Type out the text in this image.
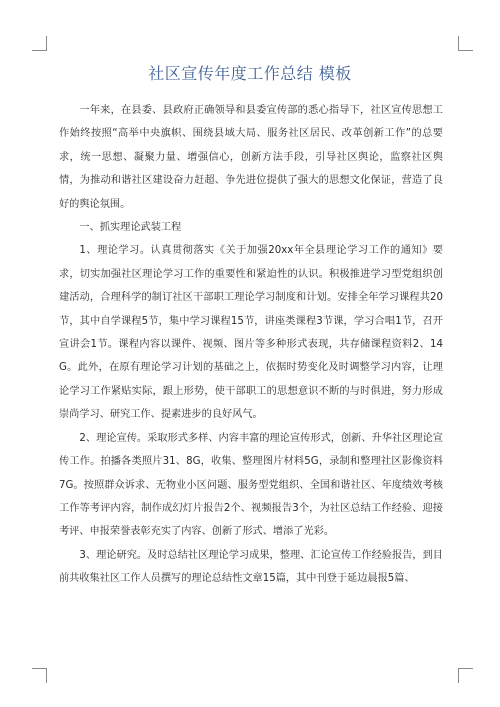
社区宣传年度工作总结 模板

一年来，在县委、县政府正确领导和县委宣传部的悉心指导下，社区宣传思想工作始终按照“高举中央旗帜、围绕县域大局、服务社区居民、改革创新工作”的总要求，统一思想、凝聚力量、增强信心，创新方法手段，引导社区舆论，监察社区舆情，为推动和谐社区建设奋力赶超、争先进位提供了强大的思想文化保证，营造了良好的舆论氛围。

一、抓实理论武装工程

1、理论学习。认真贯彻落实《关于加强20xx年全县理论学习工作的通知》要求，切实加强社区理论学习工作的重要性和紧迫性的认识。积极推进学习型党组织创建活动，合理科学的制订社区干部职工理论学习制度和计划。安排全年学习课程共20节，其中自学课程5节，集中学习课程15节，讲座类课程3节课，学习合唱1节，召开宣讲会1节。课程内容以课件、视频、图片等多种形式表现，共存储课程资料2、14G。此外，在原有理论学习计划的基础之上，依据时势变化及时调整学习内容，让理论学习工作紧贴实际，跟上形势，使干部职工的思想意识不断的与时俱进，努力形成崇尚学习、研究工作、提素进步的良好风气。

2、理论宣传。采取形式多样、内容丰富的理论宣传形式，创新、升华社区理论宣传工作。拍播各类照片31、8G，收集、整理图片材料5G，录制和整理社区影像资料7G。按照群众诉求、无物业小区问题、服务型党组织、全国和谐社区、年度绩效考核工作等考评内容，制作成幻灯片报告2个、视频报告3个，为社区总结工作经验、迎接考评、申报荣誉表彰充实了内容、创新了形式、增添了光彩。

3、理论研究。及时总结社区理论学习成果，整理、汇论宣传工作经验报告，到目前共收集社区工作人员撰写的理论总结性文章15篇，其中刊登于延边晨报5篇、
